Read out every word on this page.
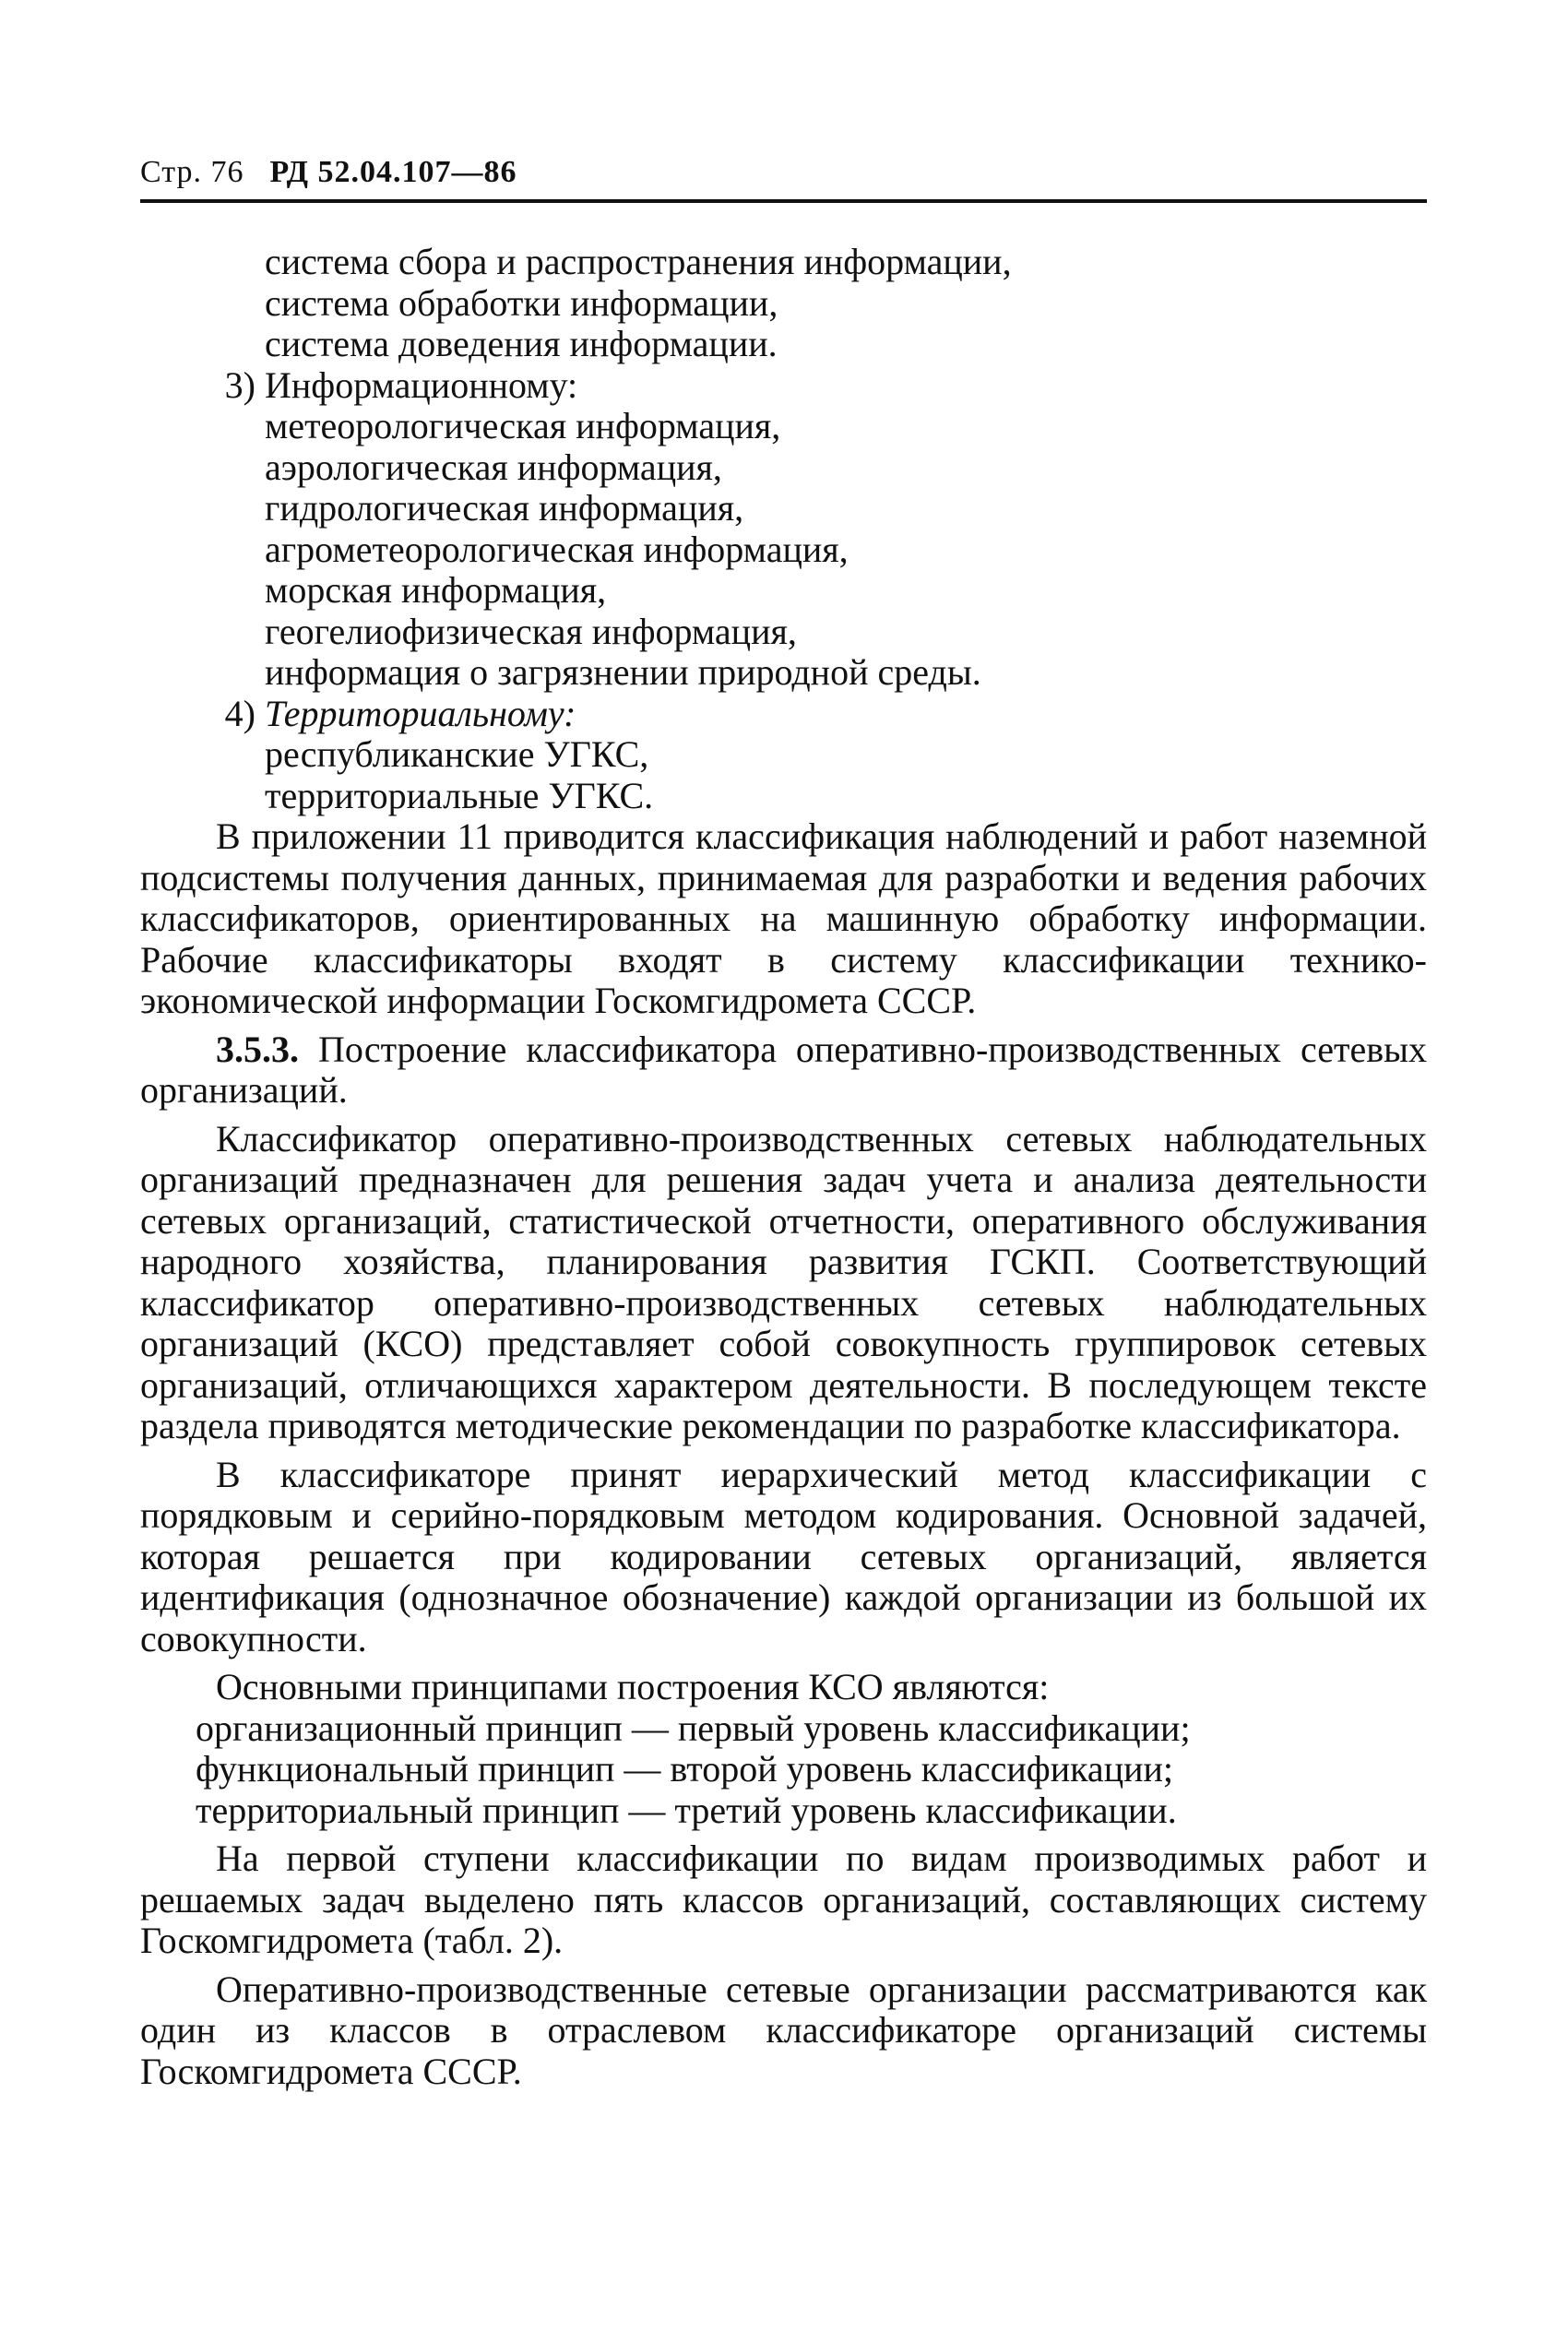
Стр. 76 РД 52.04.107—86
система сбора и распространения информации,
система обработки информации,
система доведения информации.
3) Информационному:
метеорологическая информация,
аэрологическая информация,
гидрологическая информация,
агрометеорологическая информация,
морская информация,
геогелиофизическая информация,
информация о загрязнении природной среды.
4) Территориальному:
республиканские УГКС,
территориальные УГКС.
В приложении 11 приводится классификация наблюдений и работ наземной подсистемы получения данных, принимаемая для разработки и ведения рабочих классификаторов, ориентированных на машинную обработку информации. Рабочие классификаторы входят в систему классификации технико-экономической информации Госкомгидромета СССР.
3.5.3. Построение классификатора оперативно-производственных сетевых организаций.
Классификатор оперативно-производственных сетевых наблюдательных организаций предназначен для решения задач учета и анализа деятельности сетевых организаций, статистической отчетности, оперативного обслуживания народного хозяйства, планирования развития ГСКП. Соответствующий классификатор оперативно-производственных сетевых наблюдательных организаций (КСО) представляет собой совокупность группировок сетевых организаций, отличающихся характером деятельности. В последующем тексте раздела приводятся методические рекомендации по разработке классификатора.
В классификаторе принят иерархический метод классификации с порядковым и серийно-порядковым методом кодирования. Основной задачей, которая решается при кодировании сетевых организаций, является идентификация (однозначное обозначение) каждой организации из большой их совокупности.
Основными принципами построения КСО являются:
организационный принцип — первый уровень классификации;
функциональный принцип — второй уровень классификации;
территориальный принцип — третий уровень классификации.
На первой ступени классификации по видам производимых работ и решаемых задач выделено пять классов организаций, составляющих систему Госкомгидромета (табл. 2).
Оперативно-производственные сетевые организации рассматриваются как один из классов в отраслевом классификаторе организаций системы Госкомгидромета СССР.
